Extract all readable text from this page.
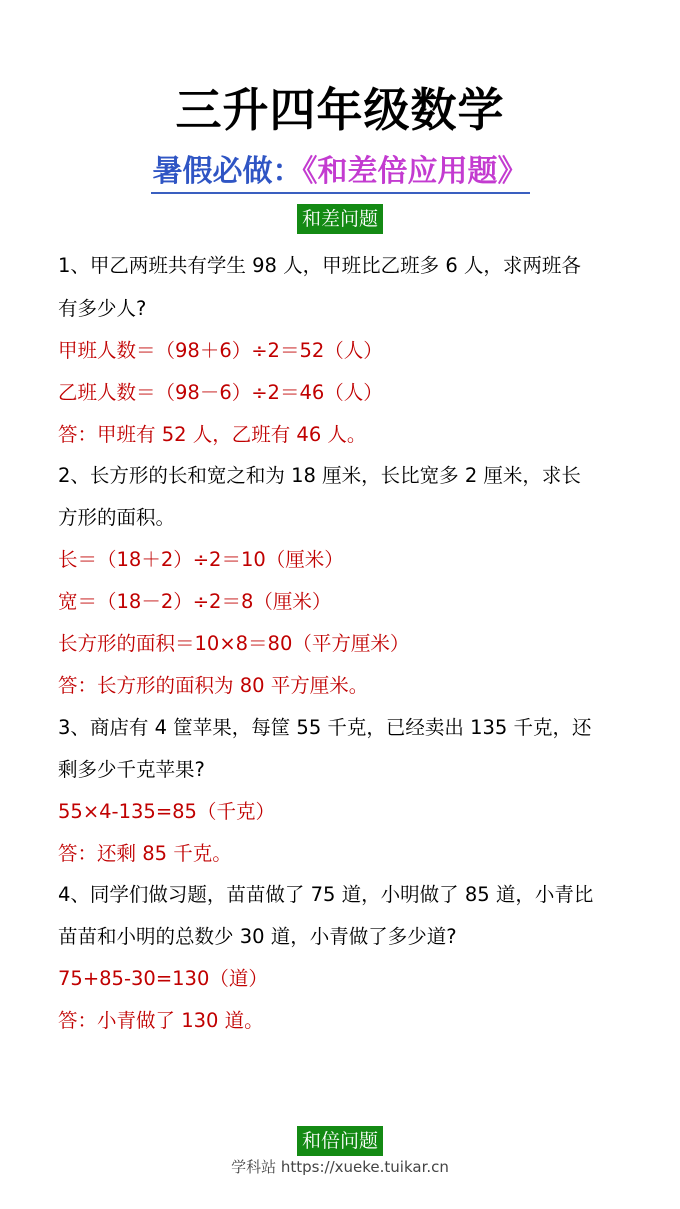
三升四年级数学
暑假必做：《和差倍应用题》
和差问题
1、甲乙两班共有学生 98 人，甲班比乙班多 6 人，求两班各
有多少人?
甲班人数＝（98＋6）÷2＝52（人）
乙班人数＝（98－6）÷2＝46（人）
答：甲班有 52 人，乙班有 46 人。
2、长方形的长和宽之和为 18 厘米，长比宽多 2 厘米，求长
方形的面积。
长＝（18＋2）÷2＝10（厘米）
宽＝（18－2）÷2＝8（厘米）
长方形的面积＝10×8＝80（平方厘米）
答：长方形的面积为 80 平方厘米。
3、商店有 4 筐苹果，每筐 55 千克，已经卖出 135 千克，还
剩多少千克苹果?
55×4-135=85（千克）
答：还剩 85 千克。
4、同学们做习题，苗苗做了 75 道，小明做了 85 道，小青比
苗苗和小明的总数少 30 道，小青做了多少道?
75+85-30=130（道）
答：小青做了 130 道。
和倍问题
学科站 https://xueke.tuikar.cn
